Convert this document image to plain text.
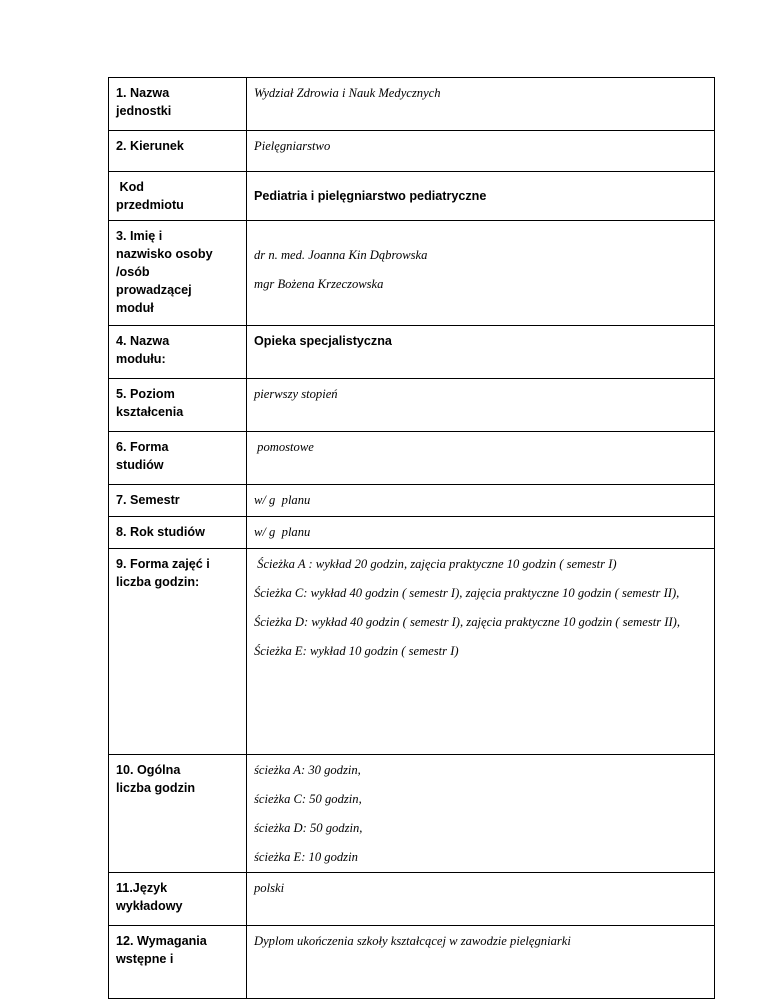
1. Nazwa
jednostki	Wydział Zdrowia i Nauk Medycznych

2. Kierunek	Pielęgniarstwo

Kod
przedmiotu	Pediatria i pielęgniarstwo pediatryczne

3. Imię i
nazwisko osoby
/osób
prowadzącej
moduł	dr n. med. Joanna Kin Dąbrowska
mgr Bożena Krzeczowska

4. Nazwa
modułu:	Opieka specjalistyczna

5. Poziom
kształcenia	pierwszy stopień

6. Forma
studiów	pomostowe

7. Semestr	w/ g  planu

8. Rok studiów	w/ g  planu

9. Forma zajęć i
liczba godzin:	Ścieżka A : wykład 20 godzin, zajęcia praktyczne 10 godzin ( semestr I)
Ścieżka C: wykład 40 godzin ( semestr I), zajęcia praktyczne 10 godzin ( semestr II),
Ścieżka D: wykład 40 godzin ( semestr I), zajęcia praktyczne 10 godzin ( semestr II),
Ścieżka E: wykład 10 godzin ( semestr I)

10. Ogólna
liczba godzin	ścieżka A: 30 godzin,
ścieżka C: 50 godzin,
ścieżka D: 50 godzin,
ścieżka E: 10 godzin

11.Język
wykładowy	polski

12. Wymagania
wstępne i	Dyplom ukończenia szkoły kształcącej w zawodzie pielęgniarki
